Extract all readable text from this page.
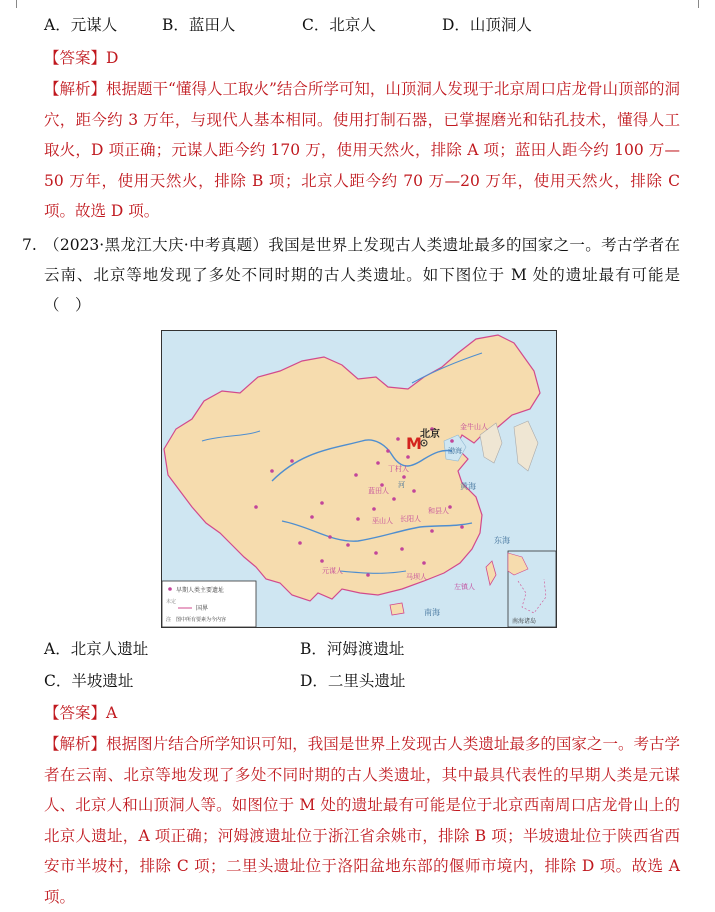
A．元谋人	B．蓝田人	C．北京人	D．山顶洞人
【答案】D
【解析】根据题干“懂得人工取火”结合所学可知，山顶洞人发现于北京周口店龙骨山顶部的洞穴，距今约 3 万年，与现代人基本相同。使用打制石器，已掌握磨光和钻孔技术，懂得人工取火，D 项正确；元谋人距今约 170 万，使用天然火，排除 A 项；蓝田人距今约 100 万—50 万年，使用天然火，排除 B 项；北京人距今约 70 万—20 万年，使用天然火，排除 C 项。故选 D 项。
7. （2023·黑龙江大庆·中考真题）我国是世界上发现古人类遗址最多的国家之一。考古学者在云南、北京等地发现了多处不同时期的古人类遗址。如下图位于 M 处的遗址最有可能是（　）
北京
M
金牛山人
丁村人
蓝田人
巫山人 长阳人
和县人
元谋人
马坝人
左镇人
渤海
黄海
东海
南海
河
南海诸岛
早期人类主要遗址
未定
国界
注　图中所有要素为今内容
A．北京人遗址	B．河姆渡遗址
C．半坡遗址	D．二里头遗址
【答案】A
【解析】根据图片结合所学知识可知，我国是世界上发现古人类遗址最多的国家之一。考古学者在云南、北京等地发现了多处不同时期的古人类遗址，其中最具代表性的早期人类是元谋人、北京人和山顶洞人等。如图位于 M 处的遗址最有可能是位于北京西南周口店龙骨山上的北京人遗址，A 项正确；河姆渡遗址位于浙江省余姚市，排除 B 项；半坡遗址位于陕西省西安市半坡村，排除 C 项；二里头遗址位于洛阳盆地东部的偃师市境内，排除 D 项。故选 A 项。
